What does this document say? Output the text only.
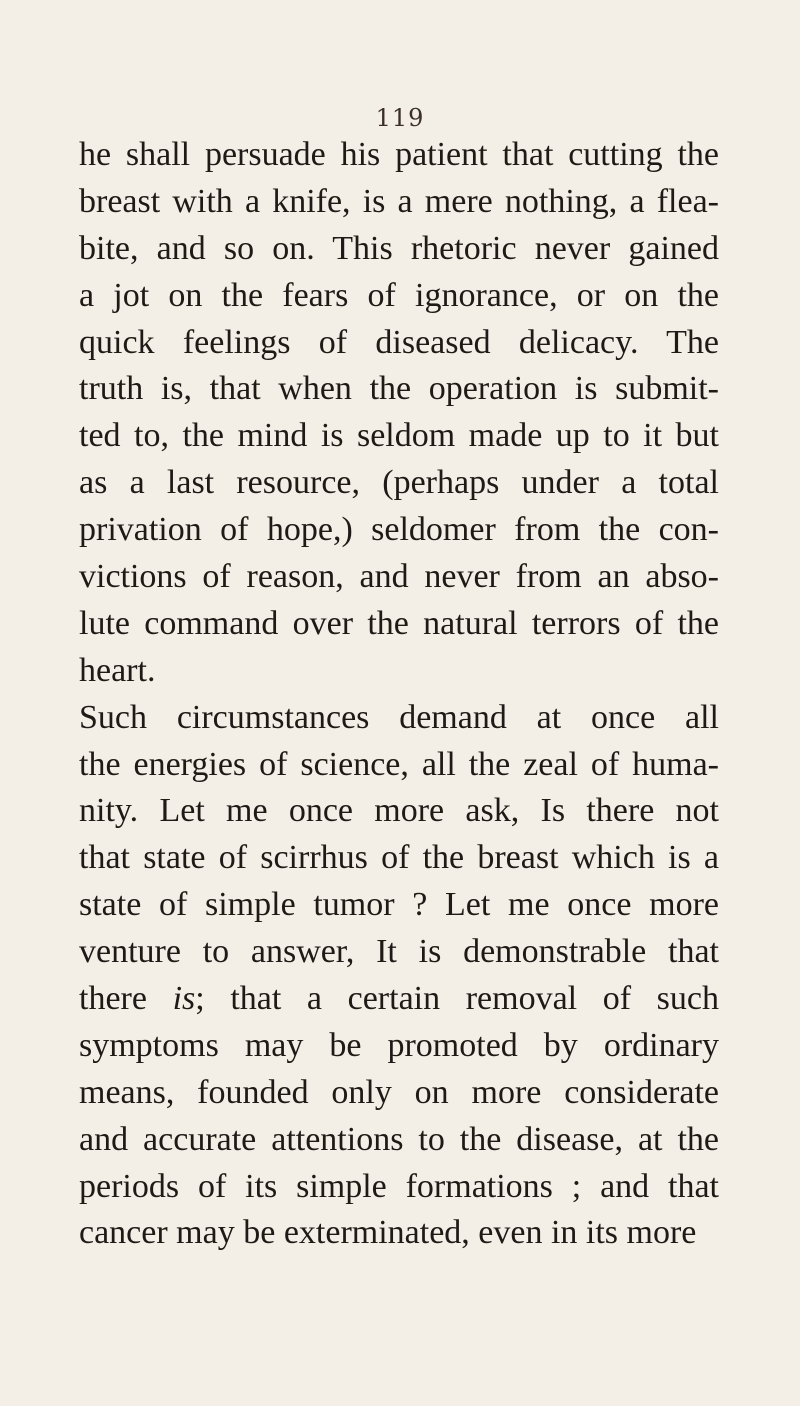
119
he shall persuade his patient that cutting the
breast with a knife, is a mere nothing, a flea-
bite, and so on. This rhetoric never gained
a jot on the fears of ignorance, or on the
quick feelings of diseased delicacy. The
truth is, that when the operation is submit-
ted to, the mind is seldom made up to it but
as a last resource, (perhaps under a total
privation of hope,) seldomer from the con-
victions of reason, and never from an abso-
lute command over the natural terrors of the
heart.
Such circumstances demand at once all
the energies of science, all the zeal of huma-
nity. Let me once more ask, Is there not
that state of scirrhus of the breast which is a
state of simple tumor ? Let me once more
venture to answer, It is demonstrable that
there is; that a certain removal of such
symptoms may be promoted by ordinary
means, founded only on more considerate
and accurate attentions to the disease, at the
periods of its simple formations ; and that
cancer may be exterminated, even in its more
